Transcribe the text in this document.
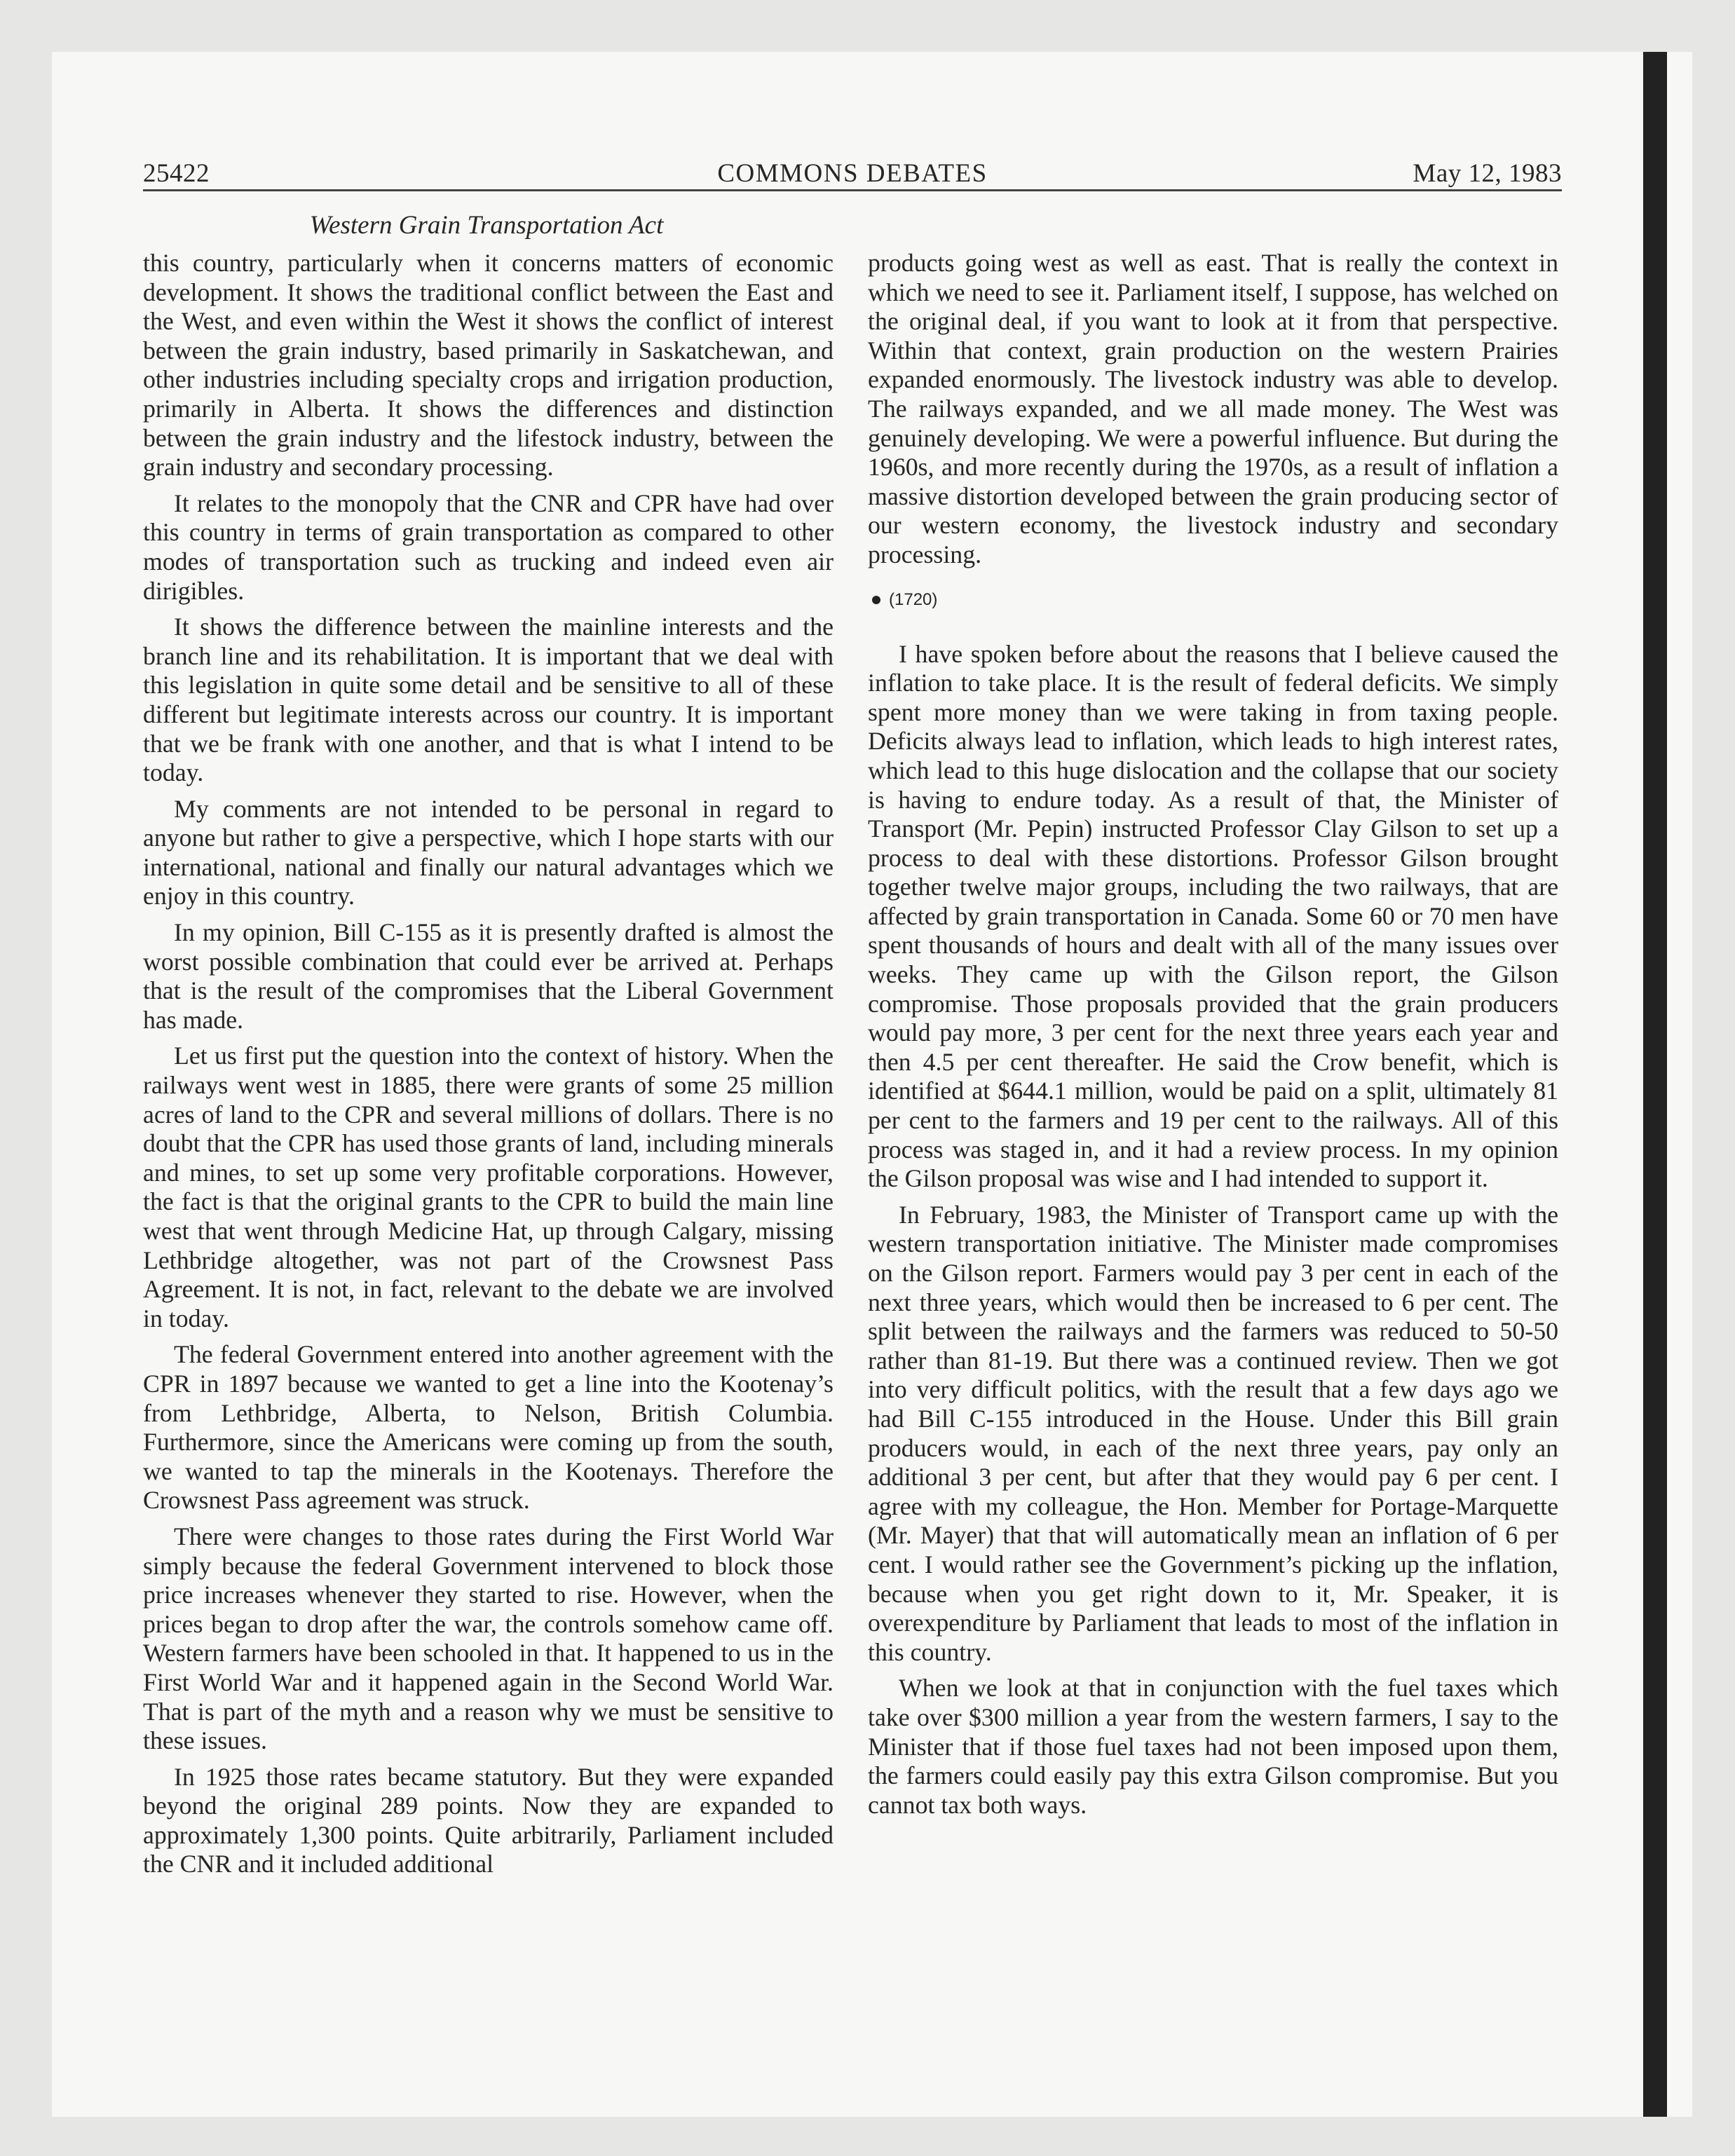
25422	COMMONS DEBATES	May 12, 1983
Western Grain Transportation Act

this country, particularly when it concerns matters of economic development. It shows the traditional conflict between the East and the West, and even within the West it shows the conflict of interest between the grain industry, based primarily in Saskatchewan, and other industries including specialty crops and irrigation production, primarily in Alberta. It shows the differences and distinction between the grain industry and the lifestock industry, between the grain industry and secondary processing.

It relates to the monopoly that the CNR and CPR have had over this country in terms of grain transportation as compared to other modes of transportation such as trucking and indeed even air dirigibles.

It shows the difference between the mainline interests and the branch line and its rehabilitation. It is important that we deal with this legislation in quite some detail and be sensitive to all of these different but legitimate interests across our country. It is important that we be frank with one another, and that is what I intend to be today.

My comments are not intended to be personal in regard to anyone but rather to give a perspective, which I hope starts with our international, national and finally our natural advantages which we enjoy in this country.

In my opinion, Bill C-155 as it is presently drafted is almost the worst possible combination that could ever be arrived at. Perhaps that is the result of the compromises that the Liberal Government has made.

Let us first put the question into the context of history. When the railways went west in 1885, there were grants of some 25 million acres of land to the CPR and several millions of dollars. There is no doubt that the CPR has used those grants of land, including minerals and mines, to set up some very profitable corporations. However, the fact is that the original grants to the CPR to build the main line west that went through Medicine Hat, up through Calgary, missing Lethbridge altogether, was not part of the Crowsnest Pass Agreement. It is not, in fact, relevant to the debate we are involved in today.

The federal Government entered into another agreement with the CPR in 1897 because we wanted to get a line into the Kootenay’s from Lethbridge, Alberta, to Nelson, British Columbia. Furthermore, since the Americans were coming up from the south, we wanted to tap the minerals in the Kootenays. Therefore the Crowsnest Pass agreement was struck.

There were changes to those rates during the First World War simply because the federal Government intervened to block those price increases whenever they started to rise. However, when the prices began to drop after the war, the controls somehow came off. Western farmers have been schooled in that. It happened to us in the First World War and it happened again in the Second World War. That is part of the myth and a reason why we must be sensitive to these issues.

In 1925 those rates became statutory. But they were expanded beyond the original 289 points. Now they are expanded to approximately 1,300 points. Quite arbitrarily, Parliament included the CNR and it included additional

products going west as well as east. That is really the context in which we need to see it. Parliament itself, I suppose, has welched on the original deal, if you want to look at it from that perspective. Within that context, grain production on the western Prairies expanded enormously. The livestock industry was able to develop. The railways expanded, and we all made money. The West was genuinely developing. We were a powerful influence. But during the 1960s, and more recently during the 1970s, as a result of inflation a massive distortion developed between the grain producing sector of our western economy, the livestock industry and secondary processing.

(1720)

I have spoken before about the reasons that I believe caused the inflation to take place. It is the result of federal deficits. We simply spent more money than we were taking in from taxing people. Deficits always lead to inflation, which leads to high interest rates, which lead to this huge dislocation and the collapse that our society is having to endure today. As a result of that, the Minister of Transport (Mr. Pepin) instructed Professor Clay Gilson to set up a process to deal with these distortions. Professor Gilson brought together twelve major groups, including the two railways, that are affected by grain transportation in Canada. Some 60 or 70 men have spent thousands of hours and dealt with all of the many issues over weeks. They came up with the Gilson report, the Gilson compromise. Those proposals provided that the grain producers would pay more, 3 per cent for the next three years each year and then 4.5 per cent thereafter. He said the Crow benefit, which is identified at $644.1 million, would be paid on a split, ultimately 81 per cent to the farmers and 19 per cent to the railways. All of this process was staged in, and it had a review process. In my opinion the Gilson proposal was wise and I had intended to support it.

In February, 1983, the Minister of Transport came up with the western transportation initiative. The Minister made compromises on the Gilson report. Farmers would pay 3 per cent in each of the next three years, which would then be increased to 6 per cent. The split between the railways and the farmers was reduced to 50-50 rather than 81-19. But there was a continued review. Then we got into very difficult politics, with the result that a few days ago we had Bill C-155 introduced in the House. Under this Bill grain producers would, in each of the next three years, pay only an additional 3 per cent, but after that they would pay 6 per cent. I agree with my colleague, the Hon. Member for Portage-Marquette (Mr. Mayer) that that will automatically mean an inflation of 6 per cent. I would rather see the Government’s picking up the inflation, because when you get right down to it, Mr. Speaker, it is overexpenditure by Parliament that leads to most of the inflation in this country.

When we look at that in conjunction with the fuel taxes which take over $300 million a year from the western farmers, I say to the Minister that if those fuel taxes had not been imposed upon them, the farmers could easily pay this extra Gilson compromise. But you cannot tax both ways.
